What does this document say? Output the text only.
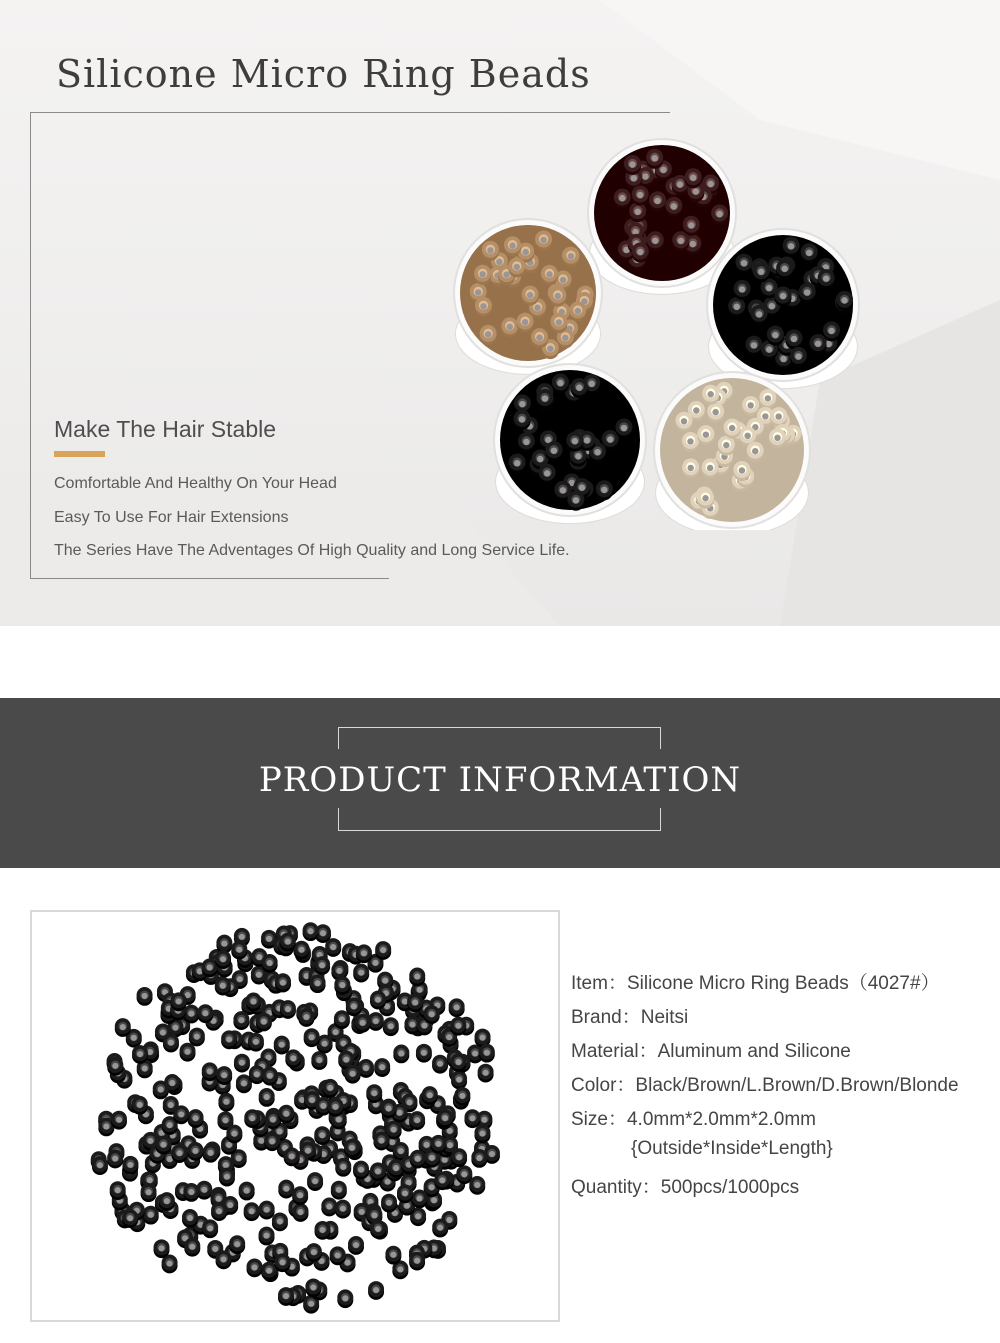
Silicone Micro Ring Beads
Make The Hair Stable

Comfortable And Healthy On Your Head

Easy To Use For Hair Extensions

The Series Have The Adventages Of High Quality and Long Service Life.

PRODUCT INFORMATION
Item：Silicone Micro Ring Beads（4027#）
Brand：Neitsi
Material：Aluminum and Silicone
Color：Black/Brown/L.Brown/D.Brown/Blonde
Size：4.0mm*2.0mm*2.0mm
{Outside*Inside*Length}
Quantity：500pcs/1000pcs
